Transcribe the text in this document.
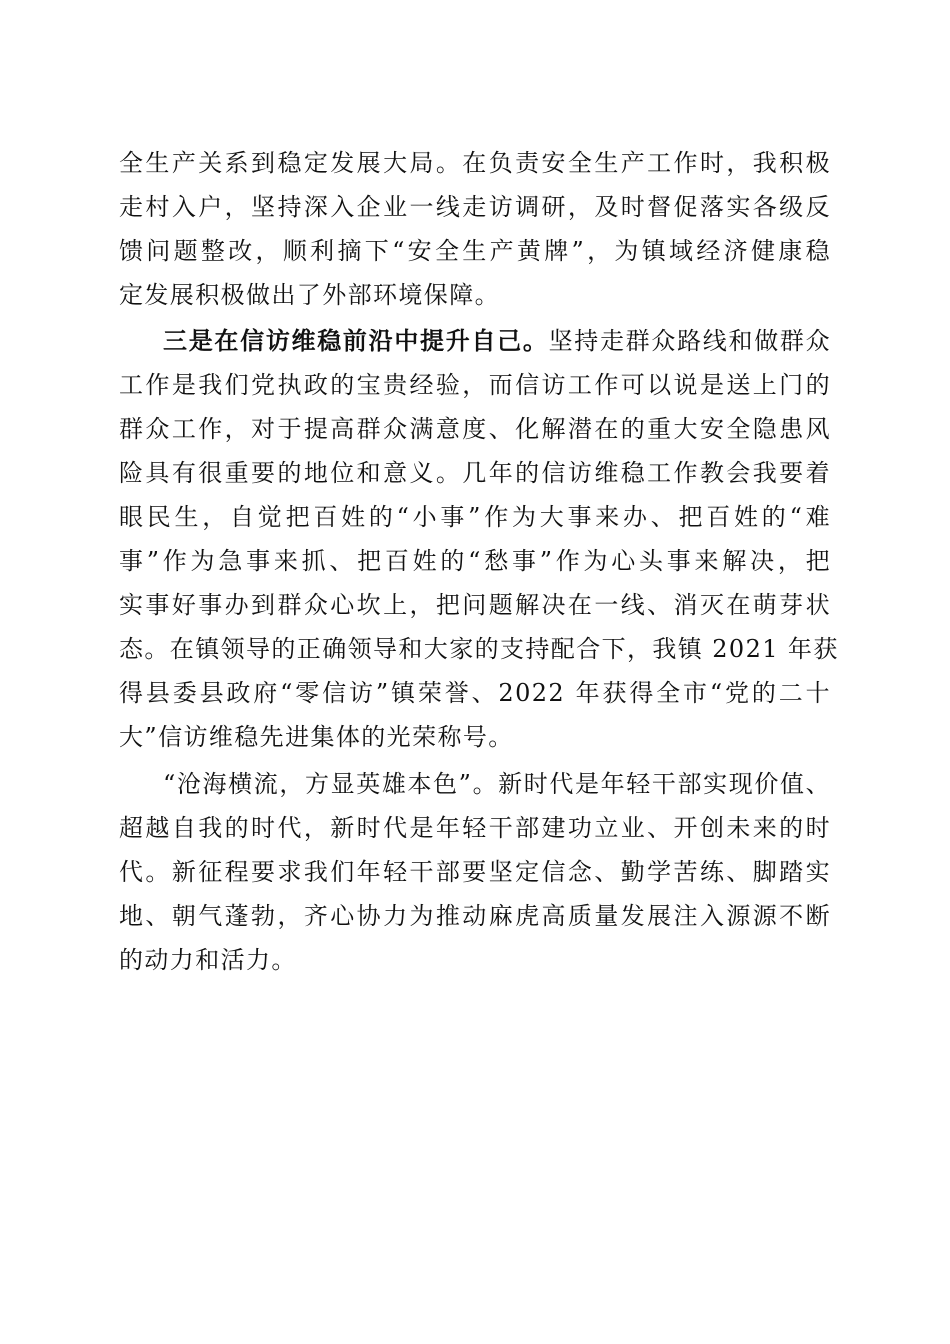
全生产关系到稳定发展大局。在负责安全生产工作时，我积极
走村入户，坚持深入企业一线走访调研，及时督促落实各级反
馈问题整改，顺利摘下“安全生产黄牌”，为镇域经济健康稳
定发展积极做出了外部环境保障。
三是在信访维稳前沿中提升自己。坚持走群众路线和做群众
工作是我们党执政的宝贵经验，而信访工作可以说是送上门的
群众工作，对于提高群众满意度、化解潜在的重大安全隐患风
险具有很重要的地位和意义。几年的信访维稳工作教会我要着
眼民生，自觉把百姓的“小事”作为大事来办、把百姓的“难
事”作为急事来抓、把百姓的“愁事”作为心头事来解决，把
实事好事办到群众心坎上，把问题解决在一线、消灭在萌芽状
态。在镇领导的正确领导和大家的支持配合下，我镇 2021 年获
得县委县政府“零信访”镇荣誉、2022 年获得全市“党的二十
大”信访维稳先进集体的光荣称号。
“沧海横流，方显英雄本色”。新时代是年轻干部实现价值、
超越自我的时代，新时代是年轻干部建功立业、开创未来的时
代。新征程要求我们年轻干部要坚定信念、勤学苦练、脚踏实
地、朝气蓬勃，齐心协力为推动麻虎高质量发展注入源源不断
的动力和活力。
